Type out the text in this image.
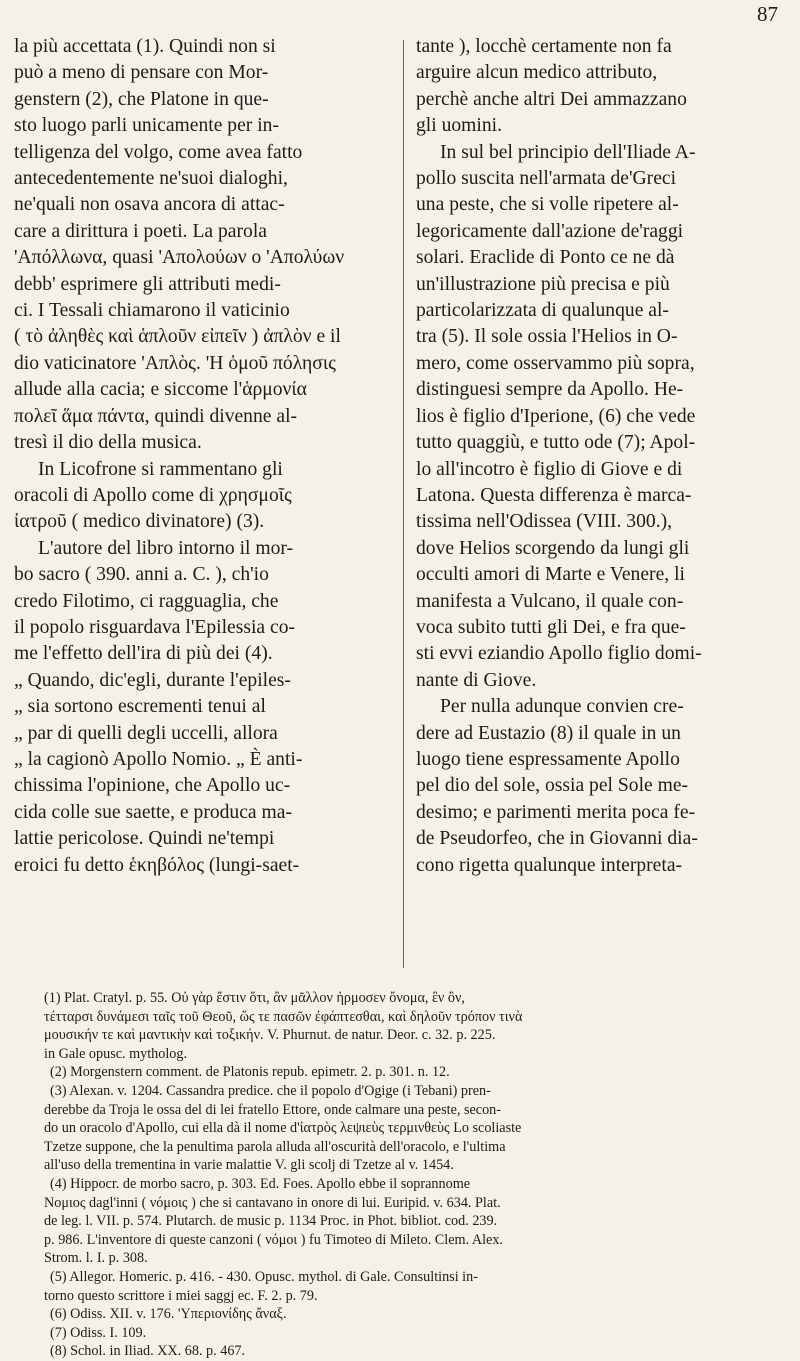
87
la più accettata (1). Quindi non si
può a meno di pensare con Mor-
genstern (2), che Platone in que-
sto luogo parli unicamente per in-
telligenza del volgo, come avea fatto
antecedentemente ne'suoi dialoghi,
ne'quali non osava ancora di attac-
care a dirittura i poeti. La parola
'Απόλλωνα, quasi 'Απολούων o 'Απολύων
debb' esprimere gli attributi medi-
ci. I Tessali chiamarono il vaticinio
( τὸ ἀληθὲς καὶ ἁπλοῦν εἰπεῖν ) ἀπλὸν e il
dio vaticinatore 'Απλὸς. 'Η ὁμοῦ πόλησις
allude alla cacia; e siccome l'ἁρμονία
πολεῖ ἅμα πάντα, quindi divenne al-
tresì il dio della musica.
In Licofrone si rammentano gli
oracoli di Apollo come di χρησμοῖς
ἰατροῦ ( medico divinatore) (3).
L'autore del libro intorno il mor-
bo sacro ( 390. anni a. C. ), ch'io
credo Filotimo, ci ragguaglia, che
il popolo risguardava l'Epilessia co-
me l'effetto dell'ira di più dei (4).
„ Quando, dic'egli, durante l'epiles-
„ sia sortono escrementi tenui al
„ par di quelli degli uccelli, allora
„ la cagionò Apollo Nomio. „ È anti-
chissima l'opinione, che Apollo uc-
cida colle sue saette, e produca ma-
lattie pericolose. Quindi ne'tempi
eroici fu detto ἑκηβόλος (lungi-saet-
tante ), locchè certamente non fa
arguire alcun medico attributo,
perchè anche altri Dei ammazzano
gli uomini.
In sul bel principio dell'Iliade A-
pollo suscita nell'armata de'Greci
una peste, che si volle ripetere al-
legoricamente dall'azione de'raggi
solari. Eraclide di Ponto ce ne dà
un'illustrazione più precisa e più
particolarizzata di qualunque al-
tra (5). Il sole ossia l'Helios in O-
mero, come osservammo più sopra,
distinguesi sempre da Apollo. He-
lios è figlio d'Iperione, (6) che vede
tutto quaggiù, e tutto ode (7); Apol-
lo all'incotro è figlio di Giove e di
Latona. Questa differenza è marca-
tissima nell'Odissea (VIII. 300.),
dove Helios scorgendo da lungi gli
occulti amori di Marte e Venere, li
manifesta a Vulcano, il quale con-
voca subito tutti gli Dei, e fra que-
sti evvi eziandio Apollo figlio domi-
nante di Giove.
Per nulla adunque convien cre-
dere ad Eustazio (8) il quale in un
luogo tiene espressamente Apollo
pel dio del sole, ossia pel Sole me-
desimo; e parimenti merita poca fe-
de Pseudorfeo, che in Giovanni dia-
cono rigetta qualunque interpreta-
(1) Plat. Cratyl. p. 55. Οὐ γὰρ ἔστιν ὅτι, ἂν μᾶλλον ἡρμοσεν ὄνομα, ἓν ὂν,
τέτταρσι δυνάμεσι ταῖς τοῦ Θεοῦ, ὥς τε πασῶν ἐφάπτεσθαι, καὶ δηλοῦν τρόπον τινὰ
μουσικήν τε καὶ μαντικὴν καὶ τοξικήν. V. Phurnut. de natur. Deor. c. 32. p. 225.
in Gale opusc. mytholog.
(2) Morgenstern comment. de Platonis repub. epimetr. 2. p. 301. n. 12.
(3) Alexan. v. 1204. Cassandra predice. che il popolo d'Ogige (i Tebani) pren-
derebbe da Troja le ossa del di lei fratello Ettore, onde calmare una peste, secon-
do un oracolo d'Apollo, cui ella dà il nome d'ἰατρὸς λεψιεὺς τερμινθεὺς Lo scoliaste
Tzetze suppone, che la penultima parola alluda all'oscurità dell'oracolo, e l'ultima
all'uso della trementina in varie malattie V. gli scolj di Tzetze al v. 1454.
(4) Hippocr. de morbo sacro, p. 303. Ed. Foes. Apollo ebbe il soprannome
Νομιος dagl'inni ( νόμοις ) che si cantavano in onore di lui. Euripid. v. 634. Plat.
de leg. l. VII. p. 574. Plutarch. de music p. 1134 Proc. in Phot. bibliot. cod. 239.
p. 986. L'inventore di queste canzoni ( νόμοι ) fu Timoteo di Mileto. Clem. Alex.
Strom. l. I. p. 308.
(5) Allegor. Homeric. p. 416. - 430. Opusc. mythol. di Gale. Consultinsi in-
torno questo scrittore i miei saggj ec. F. 2. p. 79.
(6) Odiss. XII. v. 176. 'Υπεριονίδης ἄναξ.
(7) Odiss. I. 109.
(8) Schol. in Iliad. XX. 68. p. 467.
